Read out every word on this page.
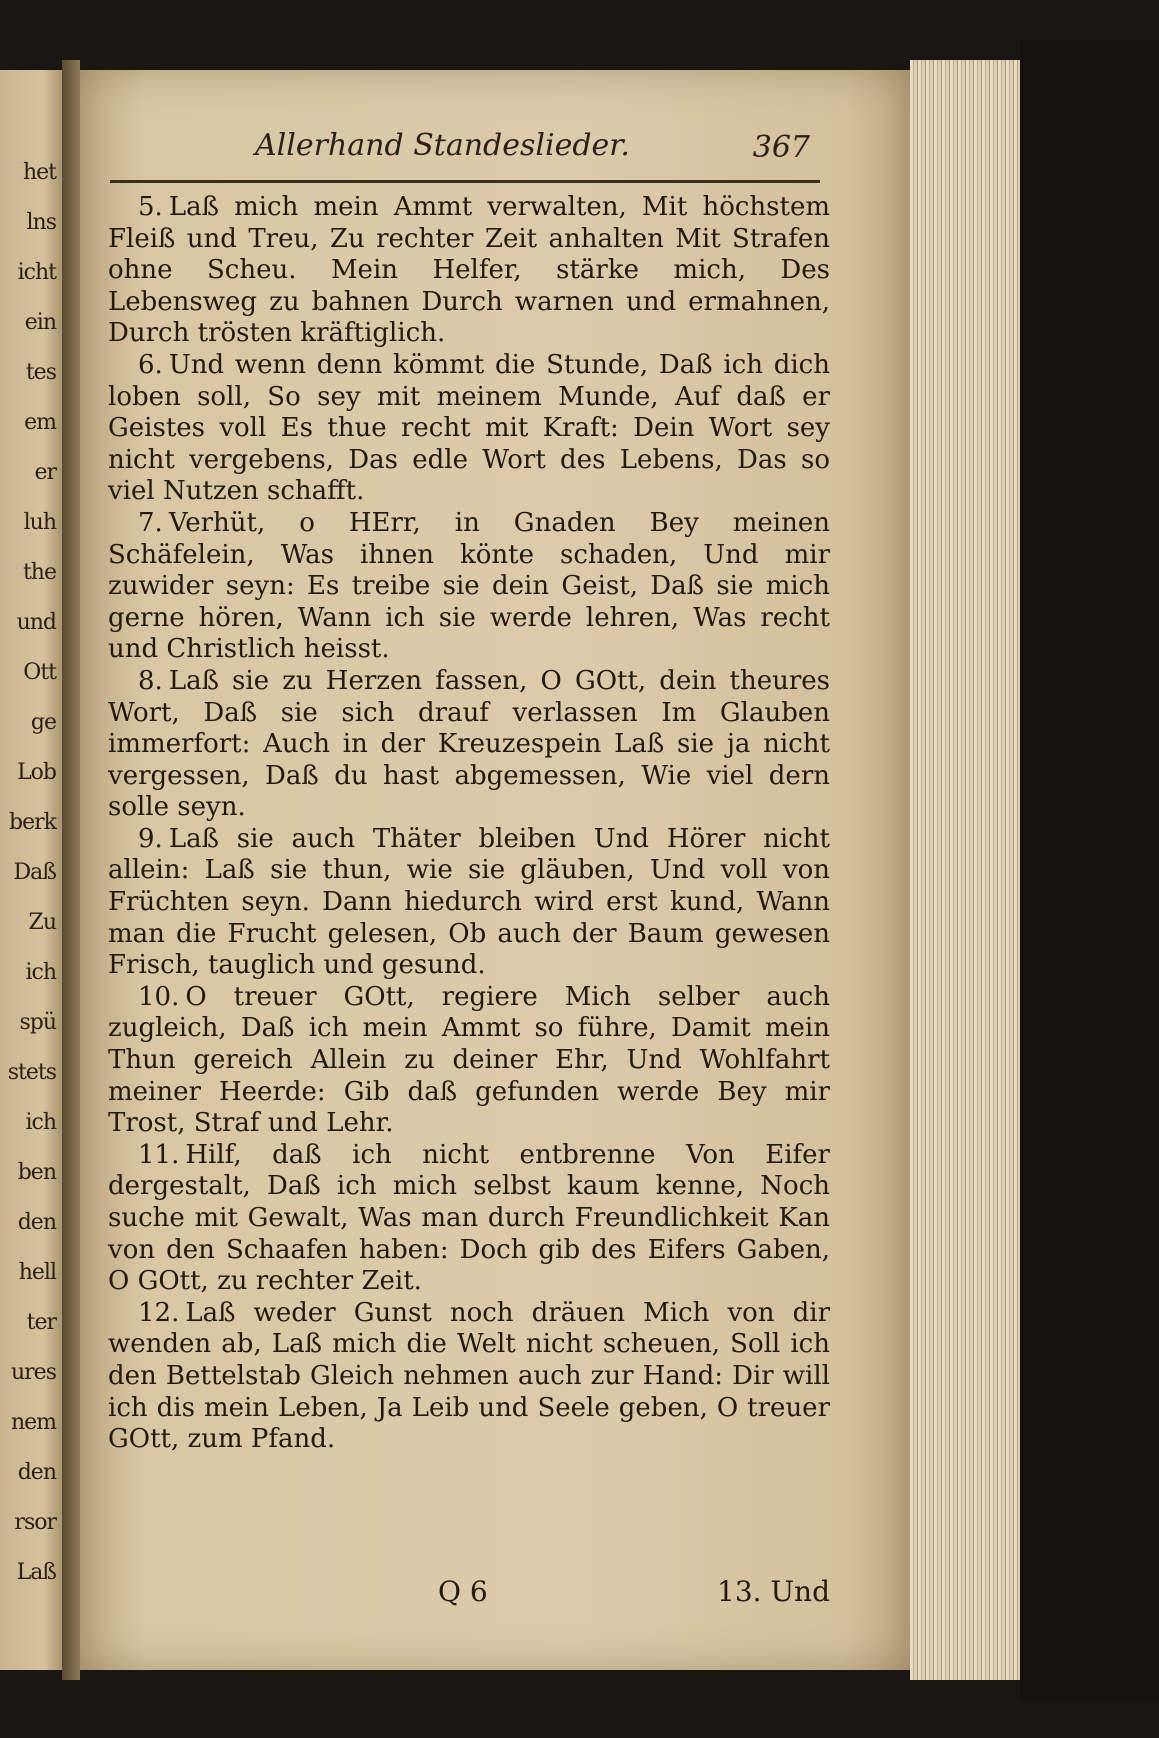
het
lns
icht
ein
tes
em
er
luh
the
und
Ott
ge
Lob
berk
Daß
Zu
ich
spü
stets
ich
ben
den
hell
ter
ures
nem
den
rsor
Laß
Allerhand Standeslieder.	367

5. Laß mich mein Ammt verwalten, Mit höchstem Fleiß und Treu, Zu rechter Zeit anhalten Mit Strafen ohne Scheu. Mein Helfer, stärke mich, Des Lebensweg zu bahnen Durch warnen und ermahnen, Durch trösten kräftiglich.

6. Und wenn denn kömmt die Stunde, Daß ich dich loben soll, So sey mit meinem Munde, Auf daß er Geistes voll Es thue recht mit Kraft: Dein Wort sey nicht vergebens, Das edle Wort des Lebens, Das so viel Nutzen schafft.

7. Verhüt, o HErr, in Gnaden Bey meinen Schäfelein, Was ihnen könte schaden, Und mir zuwider seyn: Es treibe sie dein Geist, Daß sie mich gerne hören, Wann ich sie werde lehren, Was recht und Christlich heisst.

8. Laß sie zu Herzen fassen, O GOtt, dein theures Wort, Daß sie sich drauf verlassen Im Glauben immerfort: Auch in der Kreuzespein Laß sie ja nicht vergessen, Daß du hast abgemessen, Wie viel dern solle seyn.

9. Laß sie auch Thäter bleiben Und Hörer nicht allein: Laß sie thun, wie sie gläuben, Und voll von Früchten seyn. Dann hiedurch wird erst kund, Wann man die Frucht gelesen, Ob auch der Baum gewesen Frisch, tauglich und gesund.

10. O treuer GOtt, regiere Mich selber auch zugleich, Daß ich mein Ammt so führe, Damit mein Thun gereich Allein zu deiner Ehr, Und Wohlfahrt meiner Heerde: Gib daß gefunden werde Bey mir Trost, Straf und Lehr.

11. Hilf, daß ich nicht entbrenne Von Eifer dergestalt, Daß ich mich selbst kaum kenne, Noch suche mit Gewalt, Was man durch Freundlichkeit Kan von den Schaafen haben: Doch gib des Eifers Gaben, O GOtt, zu rechter Zeit.

12. Laß weder Gunst noch dräuen Mich von dir wenden ab, Laß mich die Welt nicht scheuen, Soll ich den Bettelstab Gleich nehmen auch zur Hand: Dir will ich dis mein Leben, Ja Leib und Seele geben, O treuer GOtt, zum Pfand.

Q 6	13. Und
